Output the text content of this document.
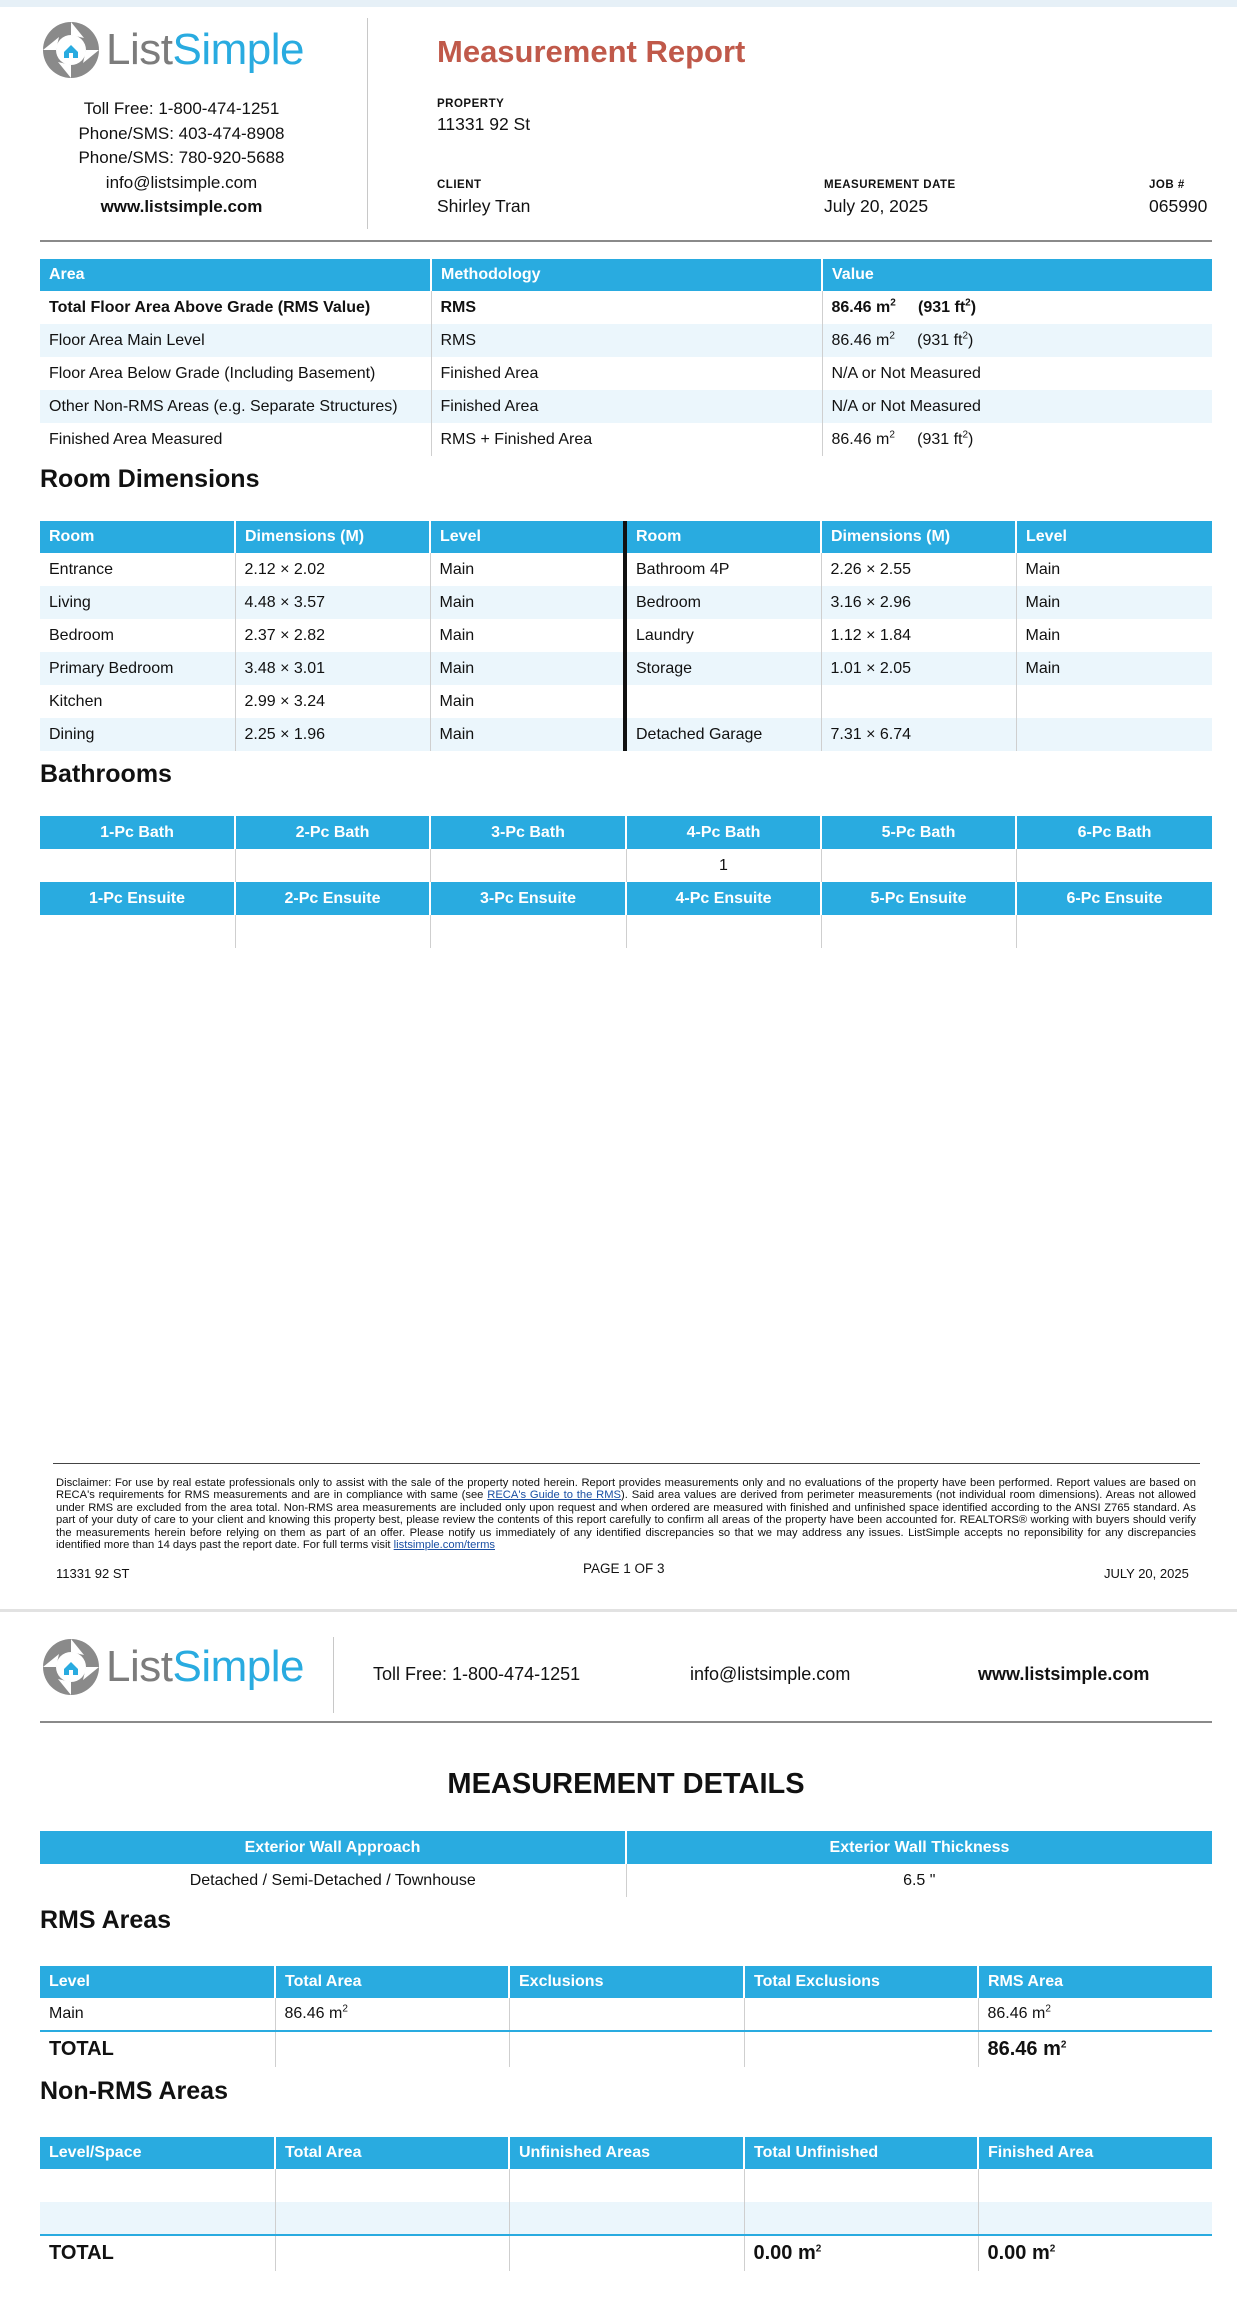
ListSimple
Toll Free: 1-800-474-1251
Phone/SMS: 403-474-8908
Phone/SMS: 780-920-5688
info@listsimple.com
www.listsimple.com
Measurement Report
PROPERTY
11331 92 St
CLIENT
Shirley Tran
MEASUREMENT DATE
July 20, 2025
JOB #
065990
Area	Methodology	Value
Total Floor Area Above Grade (RMS Value)	RMS	86.46 $m^2$ (931 $ft^2$)
Floor Area Main Level	RMS	86.46 $m^2$ (931 $ft^2$)
Floor Area Below Grade (Including Basement)	Finished Area	N/A or Not Measured
Other Non-RMS Areas (e.g. Separate Structures)	Finished Area	N/A or Not Measured
Finished Area Measured	RMS + Finished Area	86.46 $m^2$ (931 $ft^2$)
Room Dimensions
Room	Dimensions (M)	Level	Room	Dimensions (M)	Level
Entrance	2.12 × 2.02	Main	Bathroom 4P	2.26 × 2.55	Main
Living	4.48 × 3.57	Main	Bedroom	3.16 × 2.96	Main
Bedroom	2.37 × 2.82	Main	Laundry	1.12 × 1.84	Main
Primary Bedroom	3.48 × 3.01	Main	Storage	1.01 × 2.05	Main
Kitchen	2.99 × 3.24	Main			
Dining	2.25 × 1.96	Main	Detached Garage	7.31 × 6.74	
Bathrooms
1-Pc Bath	2-Pc Bath	3-Pc Bath	4-Pc Bath	5-Pc Bath	6-Pc Bath
			1		
1-Pc Ensuite	2-Pc Ensuite	3-Pc Ensuite	4-Pc Ensuite	5-Pc Ensuite	6-Pc Ensuite

Disclaimer: For use by real estate professionals only to assist with the sale of the property noted herein. Report provides measurements only and no evaluations of the property have been performed. Report values are based on RECA's requirements for RMS measurements and are in compliance with same (see RECA's Guide to the RMS). Said area values are derived from perimeter measurements (not individual room dimensions). Areas not allowed under RMS are excluded from the area total. Non-RMS area measurements are included only upon request and when ordered are measured with finished and unfinished space identified according to the ANSI Z765 standard. As part of your duty of care to your client and knowing this property best, please review the contents of this report carefully to confirm all areas of the property have been accounted for. REALTORS® working with buyers should verify the measurements herein before relying on them as part of an offer. Please notify us immediately of any identified discrepancies so that we may address any issues. ListSimple accepts no reponsibility for any discrepancies identified more than 14 days past the report date. For full terms visit listsimple.com/terms
11331 92 ST	PAGE 1 OF 3	JULY 20, 2025
ListSimple	Toll Free: 1-800-474-1251	info@listsimple.com	www.listsimple.com
MEASUREMENT DETAILS
Exterior Wall Approach	Exterior Wall Thickness
Detached / Semi-Detached / Townhouse	6.5 "
RMS Areas
Level	Total Area	Exclusions	Total Exclusions	RMS Area
Main	86.46 $m^2$			86.46 $m^2$
TOTAL				86.46 $m^2$
Non-RMS Areas
Level/Space	Total Area	Unfinished Areas	Total Unfinished	Finished Area

TOTAL			0.00 $m^2$	0.00 $m^2$
